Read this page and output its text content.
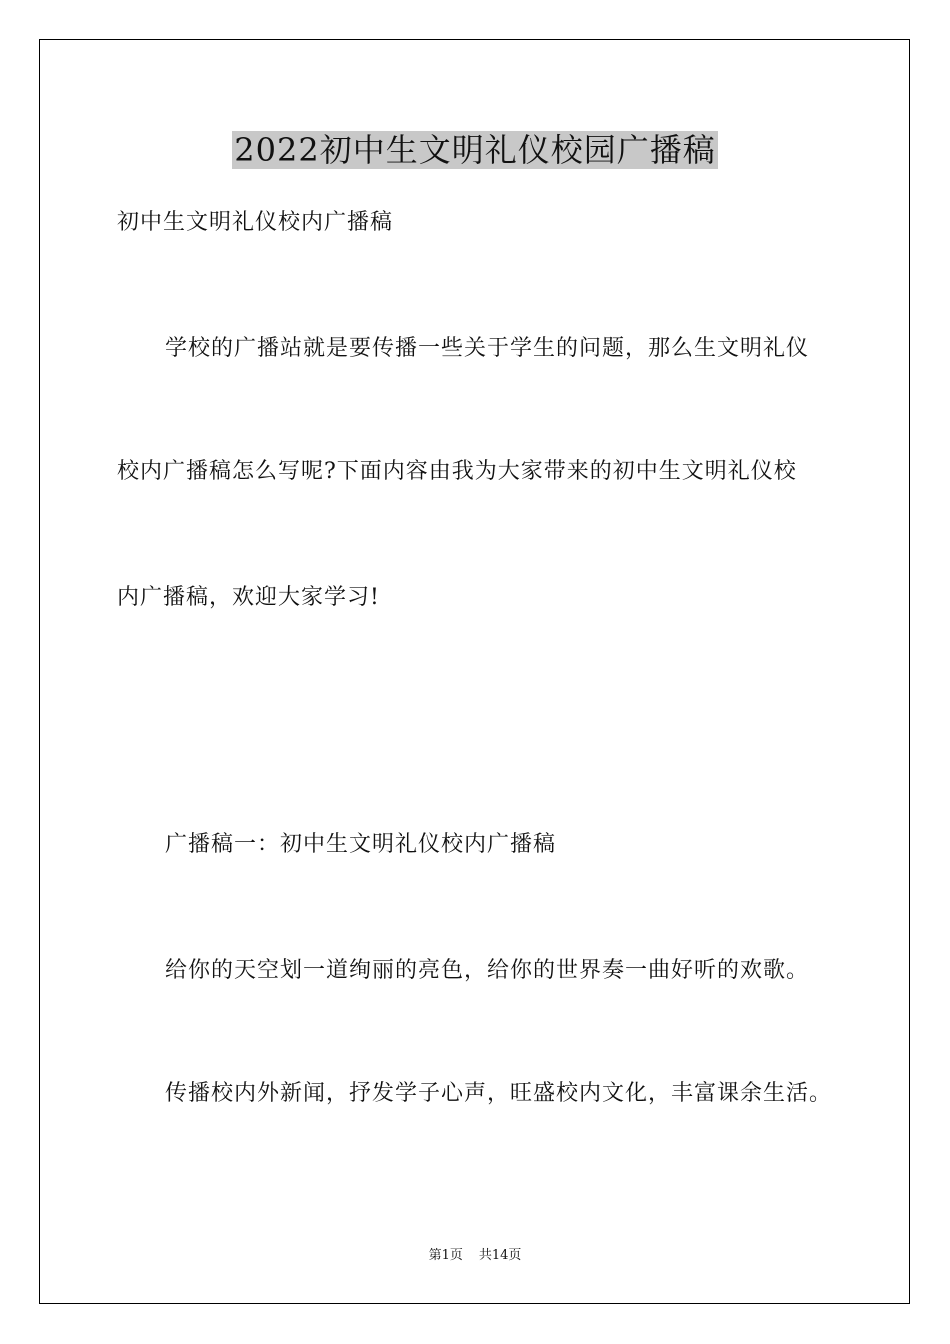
2022初中生文明礼仪校园广播稿

初中生文明礼仪校内广播稿

学校的广播站就是要传播一些关于学生的问题，那么生文明礼仪

校内广播稿怎么写呢?下面内容由我为大家带来的初中生文明礼仪校

内广播稿，欢迎大家学习!

广播稿一：初中生文明礼仪校内广播稿

给你的天空划一道绚丽的亮色，给你的世界奏一曲好听的欢歌。

传播校内外新闻，抒发学子心声，旺盛校内文化，丰富课余生活。

第1页 共14页
